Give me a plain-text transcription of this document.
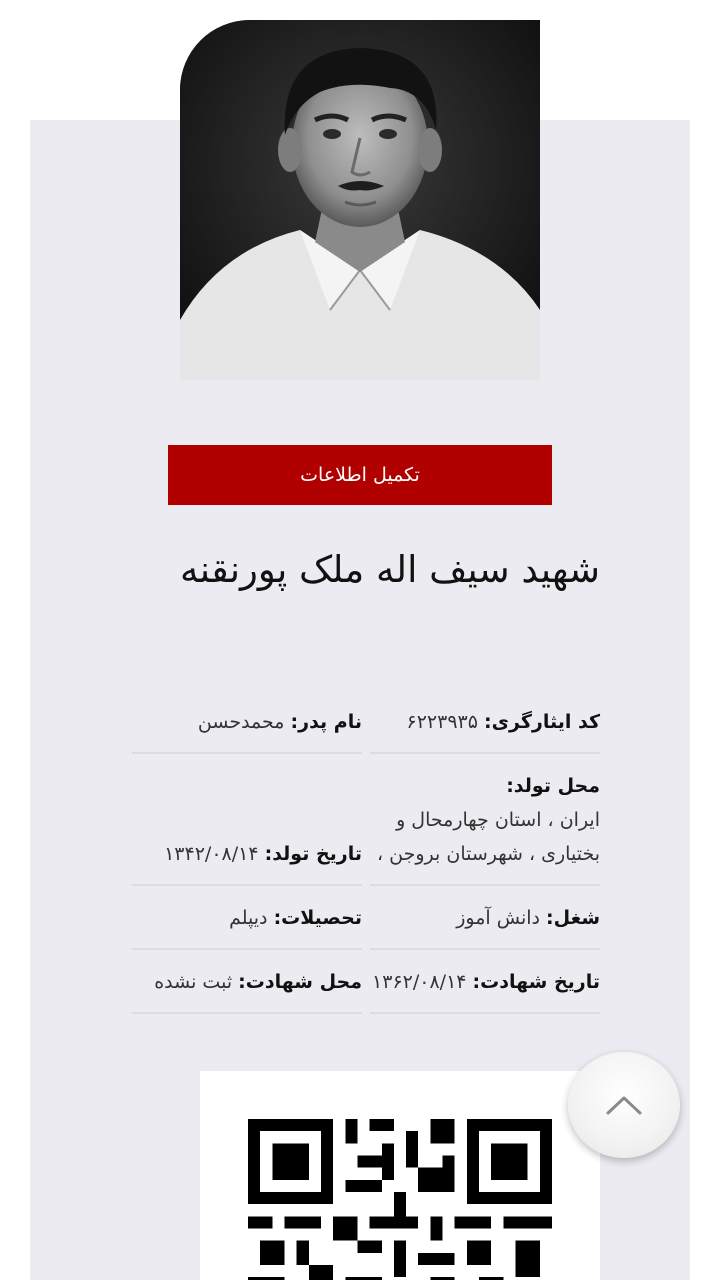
تکمیل اطلاعات
شهید سیف اله ملک پورنقنه
کد ایثارگری: ۶۲۲۳۹۳۵
نام پدر: محمدحسن
محل تولد:
ایران ، استان چهارمحال و بختیاری ، شهرستان بروجن ،
تاریخ تولد: ۱۳۴۲/۰۸/۱۴
شغل: دانش آموز
تحصیلات: دیپلم
تاریخ شهادت: ۱۳۶۲/۰۸/۱۴
محل شهادت: ثبت نشده
